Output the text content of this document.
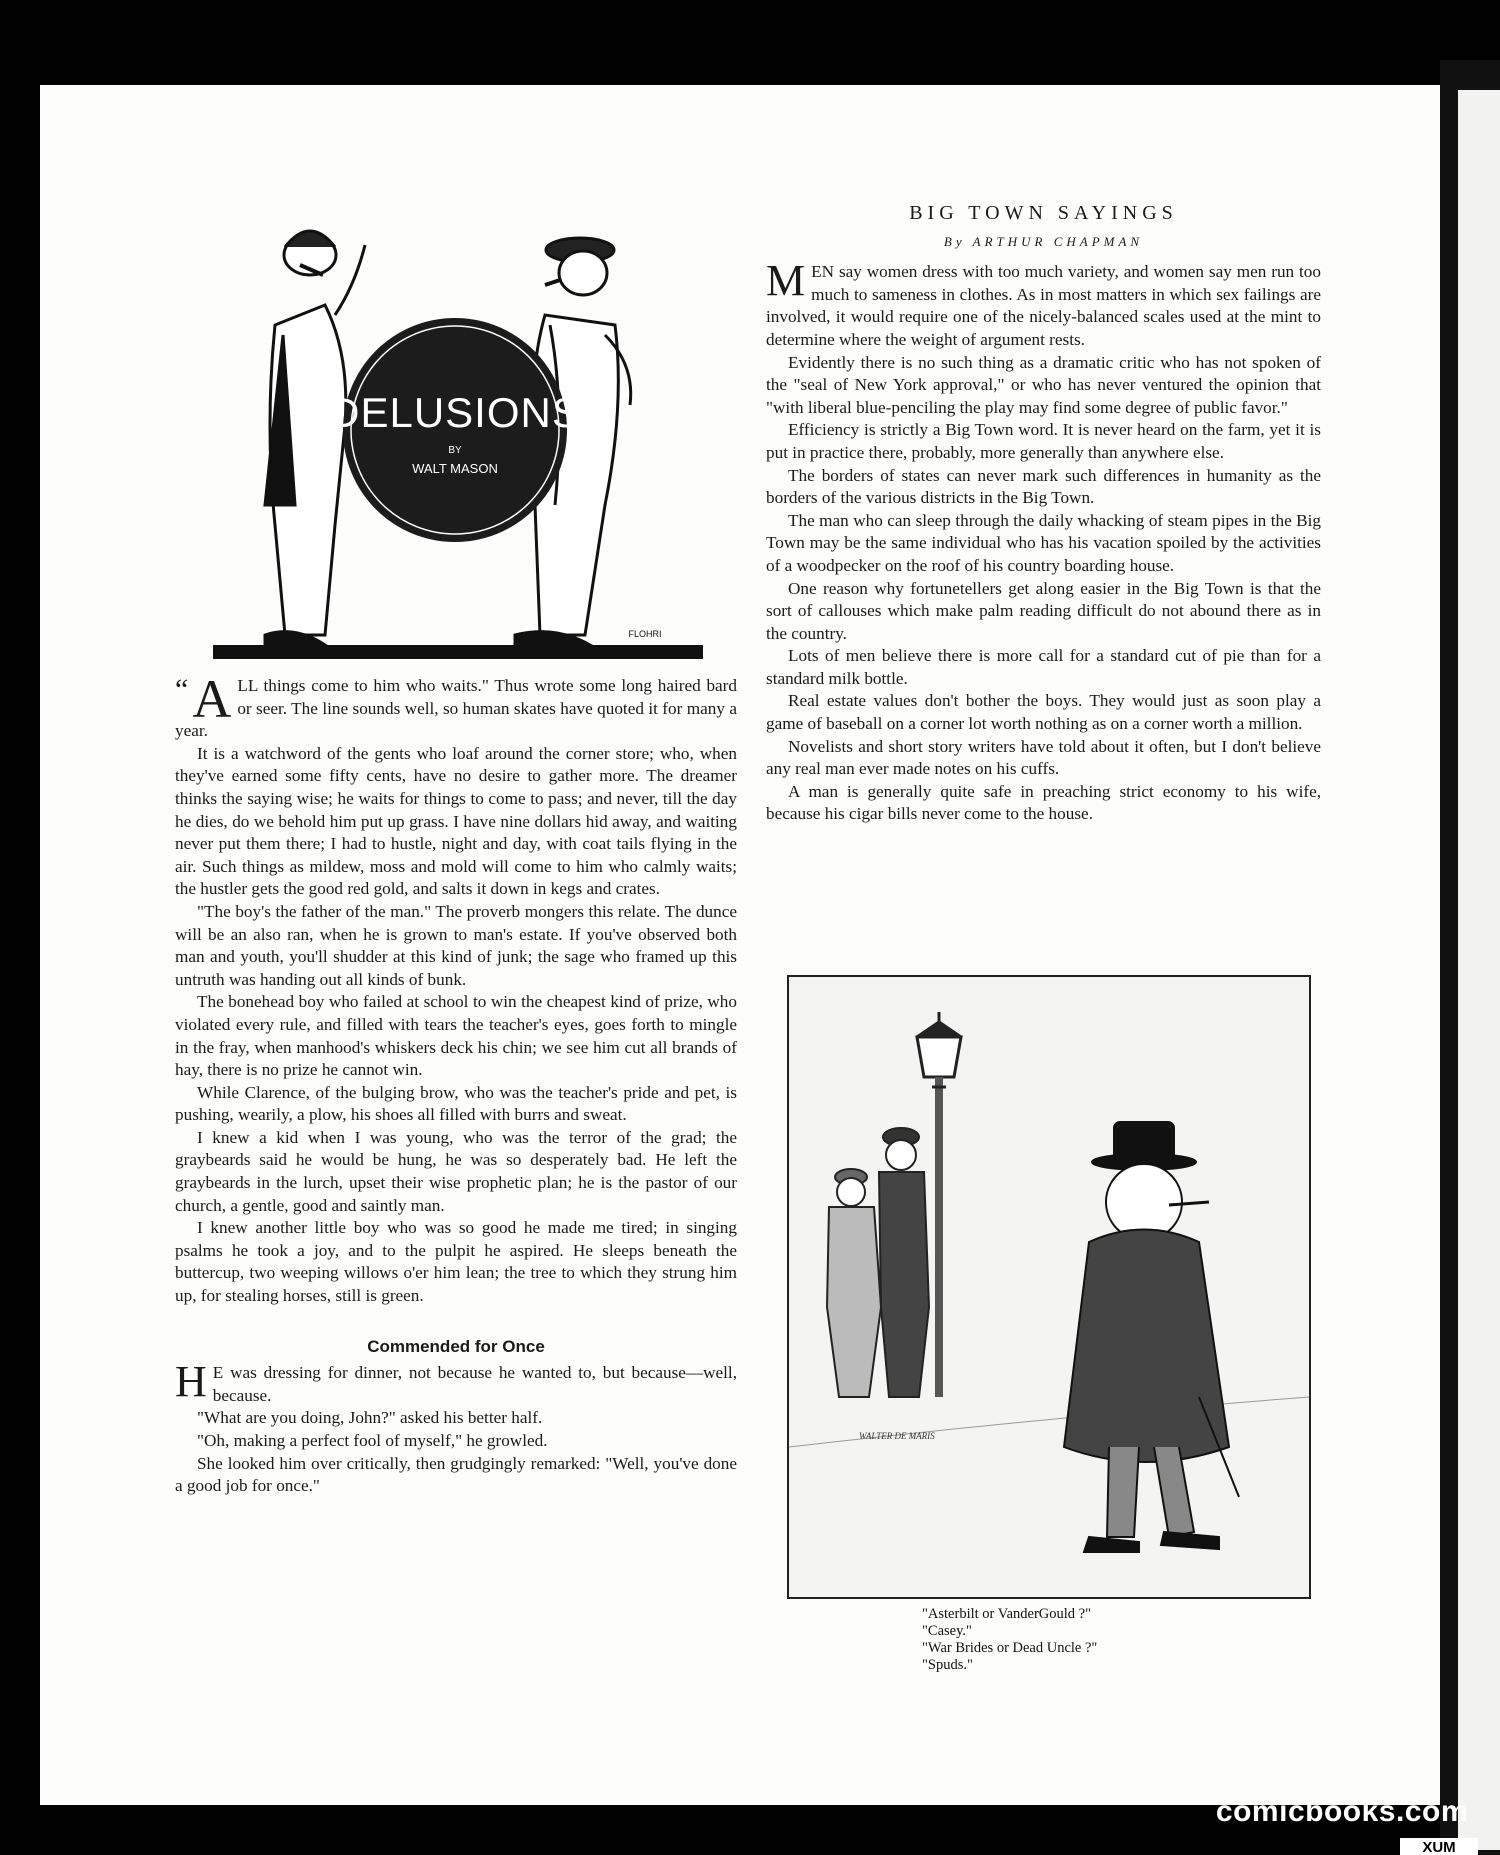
DELUSIONS
BY
WALT MASON
FLOHRI

“ A LL things come to him who waits." Thus wrote some long haired bard or seer. The line sounds well, so human skates have quoted it for many a year.

It is a watchword of the gents who loaf around the corner store; who, when they've earned some fifty cents, have no desire to gather more. The dreamer thinks the saying wise; he waits for things to come to pass; and never, till the day he dies, do we behold him put up grass. I have nine dollars hid away, and waiting never put them there; I had to hustle, night and day, with coat tails flying in the air. Such things as mildew, moss and mold will come to him who calmly waits; the hustler gets the good red gold, and salts it down in kegs and crates.

"The boy's the father of the man." The proverb mongers this relate. The dunce will be an also ran, when he is grown to man's estate. If you've observed both man and youth, you'll shudder at this kind of junk; the sage who framed up this untruth was handing out all kinds of bunk.

The bonehead boy who failed at school to win the cheapest kind of prize, who violated every rule, and filled with tears the teacher's eyes, goes forth to mingle in the fray, when manhood's whiskers deck his chin; we see him cut all brands of hay, there is no prize he cannot win.

While Clarence, of the bulging brow, who was the teacher's pride and pet, is pushing, wearily, a plow, his shoes all filled with burrs and sweat.

I knew a kid when I was young, who was the terror of the grad; the graybeards said he would be hung, he was so desperately bad. He left the graybeards in the lurch, upset their wise prophetic plan; he is the pastor of our church, a gentle, good and saintly man.

I knew another little boy who was so good he made me tired; in singing psalms he took a joy, and to the pulpit he aspired. He sleeps beneath the buttercup, two weeping willows o'er him lean; the tree to which they strung him up, for stealing horses, still is green.

Commended for Once

H E was dressing for dinner, not because he wanted to, but because—well, because.

"What are you doing, John?" asked his better half.

"Oh, making a perfect fool of myself," he growled.

She looked him over critically, then grudgingly remarked: "Well, you've done a good job for once."

BIG TOWN SAYINGS
By ARTHUR CHAPMAN

MEN say women dress with too much variety, and women say men run too much to sameness in clothes. As in most matters in which sex failings are involved, it would require one of the nicely-balanced scales used at the mint to determine where the weight of argument rests.

Evidently there is no such thing as a dramatic critic who has not spoken of the "seal of New York approval," or who has never ventured the opinion that "with liberal blue-penciling the play may find some degree of public favor."

Efficiency is strictly a Big Town word. It is never heard on the farm, yet it is put in practice there, probably, more generally than anywhere else.

The borders of states can never mark such differences in humanity as the borders of the various districts in the Big Town.

The man who can sleep through the daily whacking of steam pipes in the Big Town may be the same individual who has his vacation spoiled by the activities of a woodpecker on the roof of his country boarding house.

One reason why fortunetellers get along easier in the Big Town is that the sort of callouses which make palm reading difficult do not abound there as in the country.

Lots of men believe there is more call for a standard cut of pie than for a standard milk bottle.

Real estate values don't bother the boys. They would just as soon play a game of baseball on a corner lot worth nothing as on a corner worth a million.

Novelists and short story writers have told about it often, but I don't believe any real man ever made notes on his cuffs.

A man is generally quite safe in preaching strict economy to his wife, because his cigar bills never come to the house.

WALTER DE MARIS
"Asterbilt or VanderGould ?"
"Casey."
"War Brides or Dead Uncle ?"
"Spuds."
comicbooks.com
XUM
